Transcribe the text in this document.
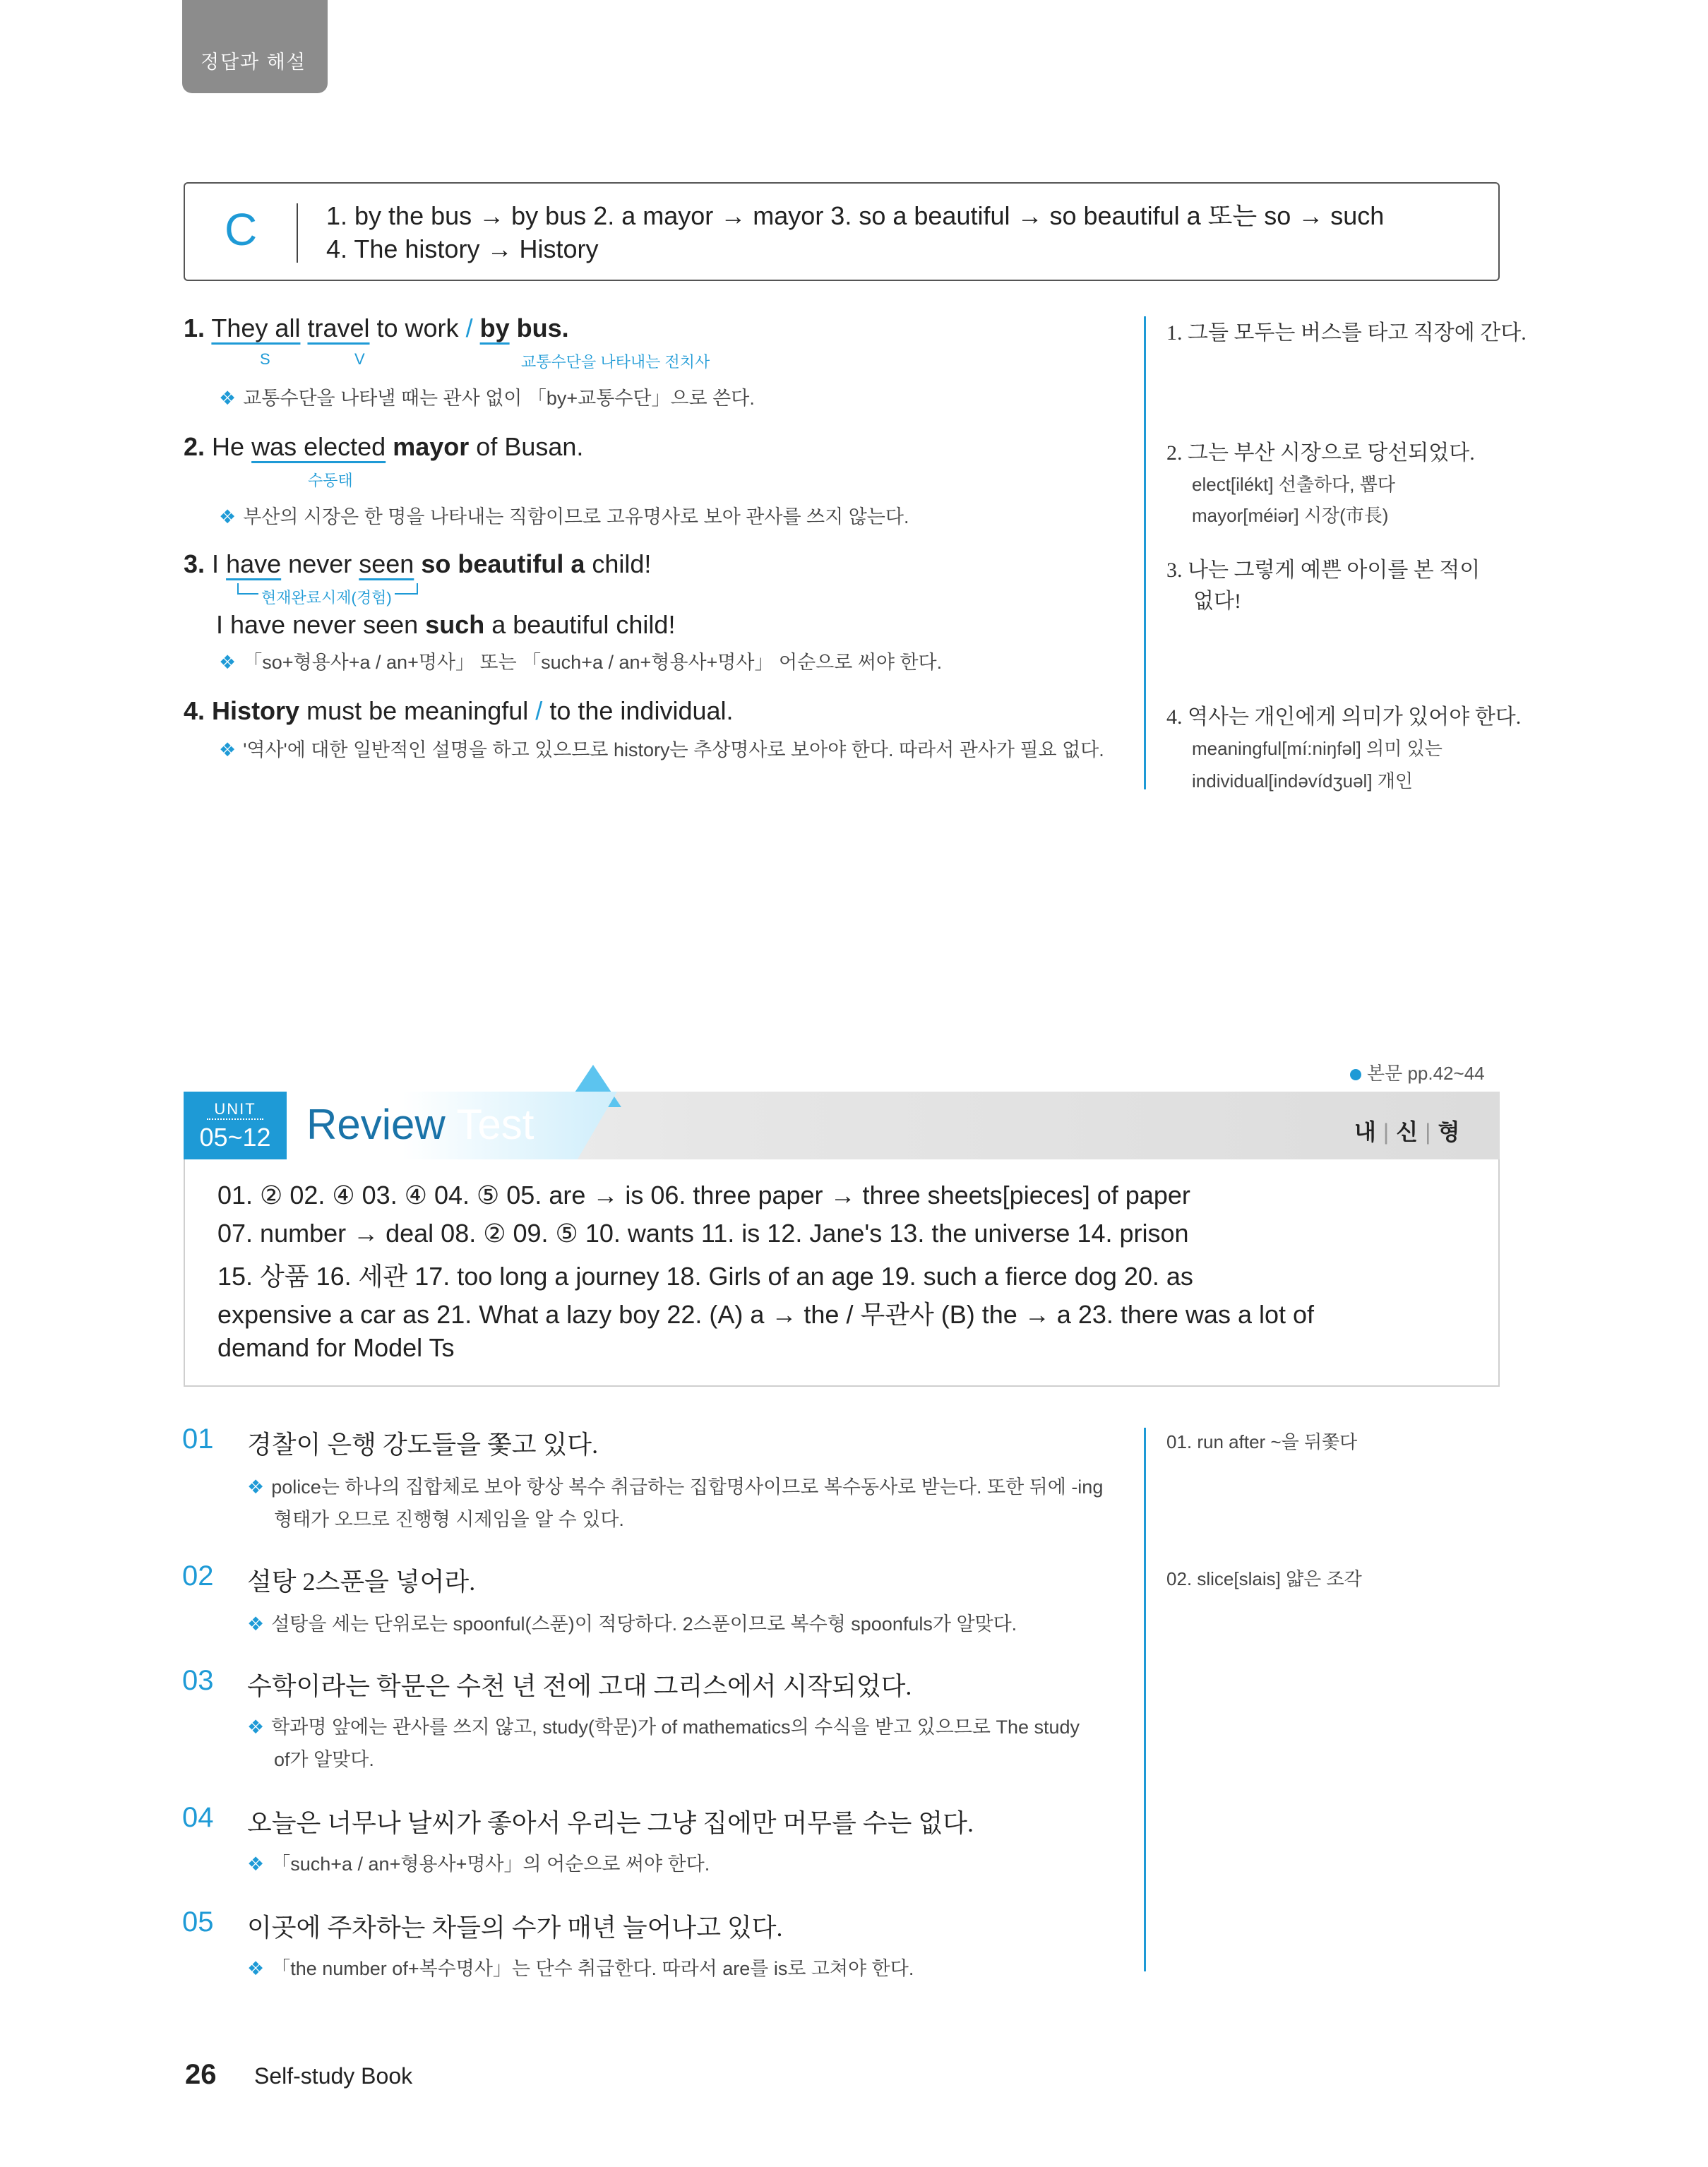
정답과 해설
C	1. by the bus → by bus 2. a mayor → mayor 3. so a beautiful → so beautiful a 또는 so → such
4. The history → History
1. They all travel to work / by bus.
S	V	교통수단을 나타내는 전치사
❖ 교통수단을 나타낼 때는 관사 없이 「by+교통수단」으로 쓴다.
2. He was elected mayor of Busan.
수동태
❖ 부산의 시장은 한 명을 나타내는 직함이므로 고유명사로 보아 관사를 쓰지 않는다.
3. I have never seen so beautiful a child!
현재완료시제(경험)
I have never seen such a beautiful child!
❖ 「so+형용사+a / an+명사」 또는 「such+a / an+형용사+명사」 어순으로 써야 한다.
4. History must be meaningful / to the individual.
❖ '역사'에 대한 일반적인 설명을 하고 있으므로 history는 추상명사로 보아야 한다. 따라서 관사가 필요 없다.
1. 그들 모두는 버스를 타고 직장에 간다.
2. 그는 부산 시장으로 당선되었다.
elect[ilékt] 선출하다, 뽑다
mayor[méiər] 시장(市長)
3. 나는 그렇게 예쁜 아이를 본 적이
없다!
4. 역사는 개인에게 의미가 있어야 한다.
meaningful[mí:niŋfəl] 의미 있는
individual[indəvídʒuəl] 개인
본문 pp.42~44
UNIT
05~12 Review Test	내 | 신 | 형
01. ② 02. ④ 03. ④ 04. ⑤ 05. are → is 06. three paper → three sheets[pieces] of paper
07. number → deal 08. ② 09. ⑤ 10. wants 11. is 12. Jane's 13. the universe 14. prison
15. 상품 16. 세관 17. too long a journey 18. Girls of an age 19. such a fierce dog 20. as
expensive a car as 21. What a lazy boy 22. (A) a → the / 무관사 (B) the → a 23. there was a lot of
demand for Model Ts
01 경찰이 은행 강도들을 쫓고 있다.
❖ police는 하나의 집합체로 보아 항상 복수 취급하는 집합명사이므로 복수동사로 받는다. 또한 뒤에 -ing
형태가 오므로 진행형 시제임을 알 수 있다.
01. run after ~을 뒤쫓다
02 설탕 2스푼을 넣어라.
❖ 설탕을 세는 단위로는 spoonful(스푼)이 적당하다. 2스푼이므로 복수형 spoonfuls가 알맞다.
02. slice[slais] 얇은 조각
03 수학이라는 학문은 수천 년 전에 고대 그리스에서 시작되었다.
❖ 학과명 앞에는 관사를 쓰지 않고, study(학문)가 of mathematics의 수식을 받고 있으므로 The study
of가 알맞다.
04 오늘은 너무나 날씨가 좋아서 우리는 그냥 집에만 머무를 수는 없다.
❖ 「such+a / an+형용사+명사」의 어순으로 써야 한다.
05 이곳에 주차하는 차들의 수가 매년 늘어나고 있다.
❖ 「the number of+복수명사」는 단수 취급한다. 따라서 are를 is로 고쳐야 한다.
26 Self-study Book
